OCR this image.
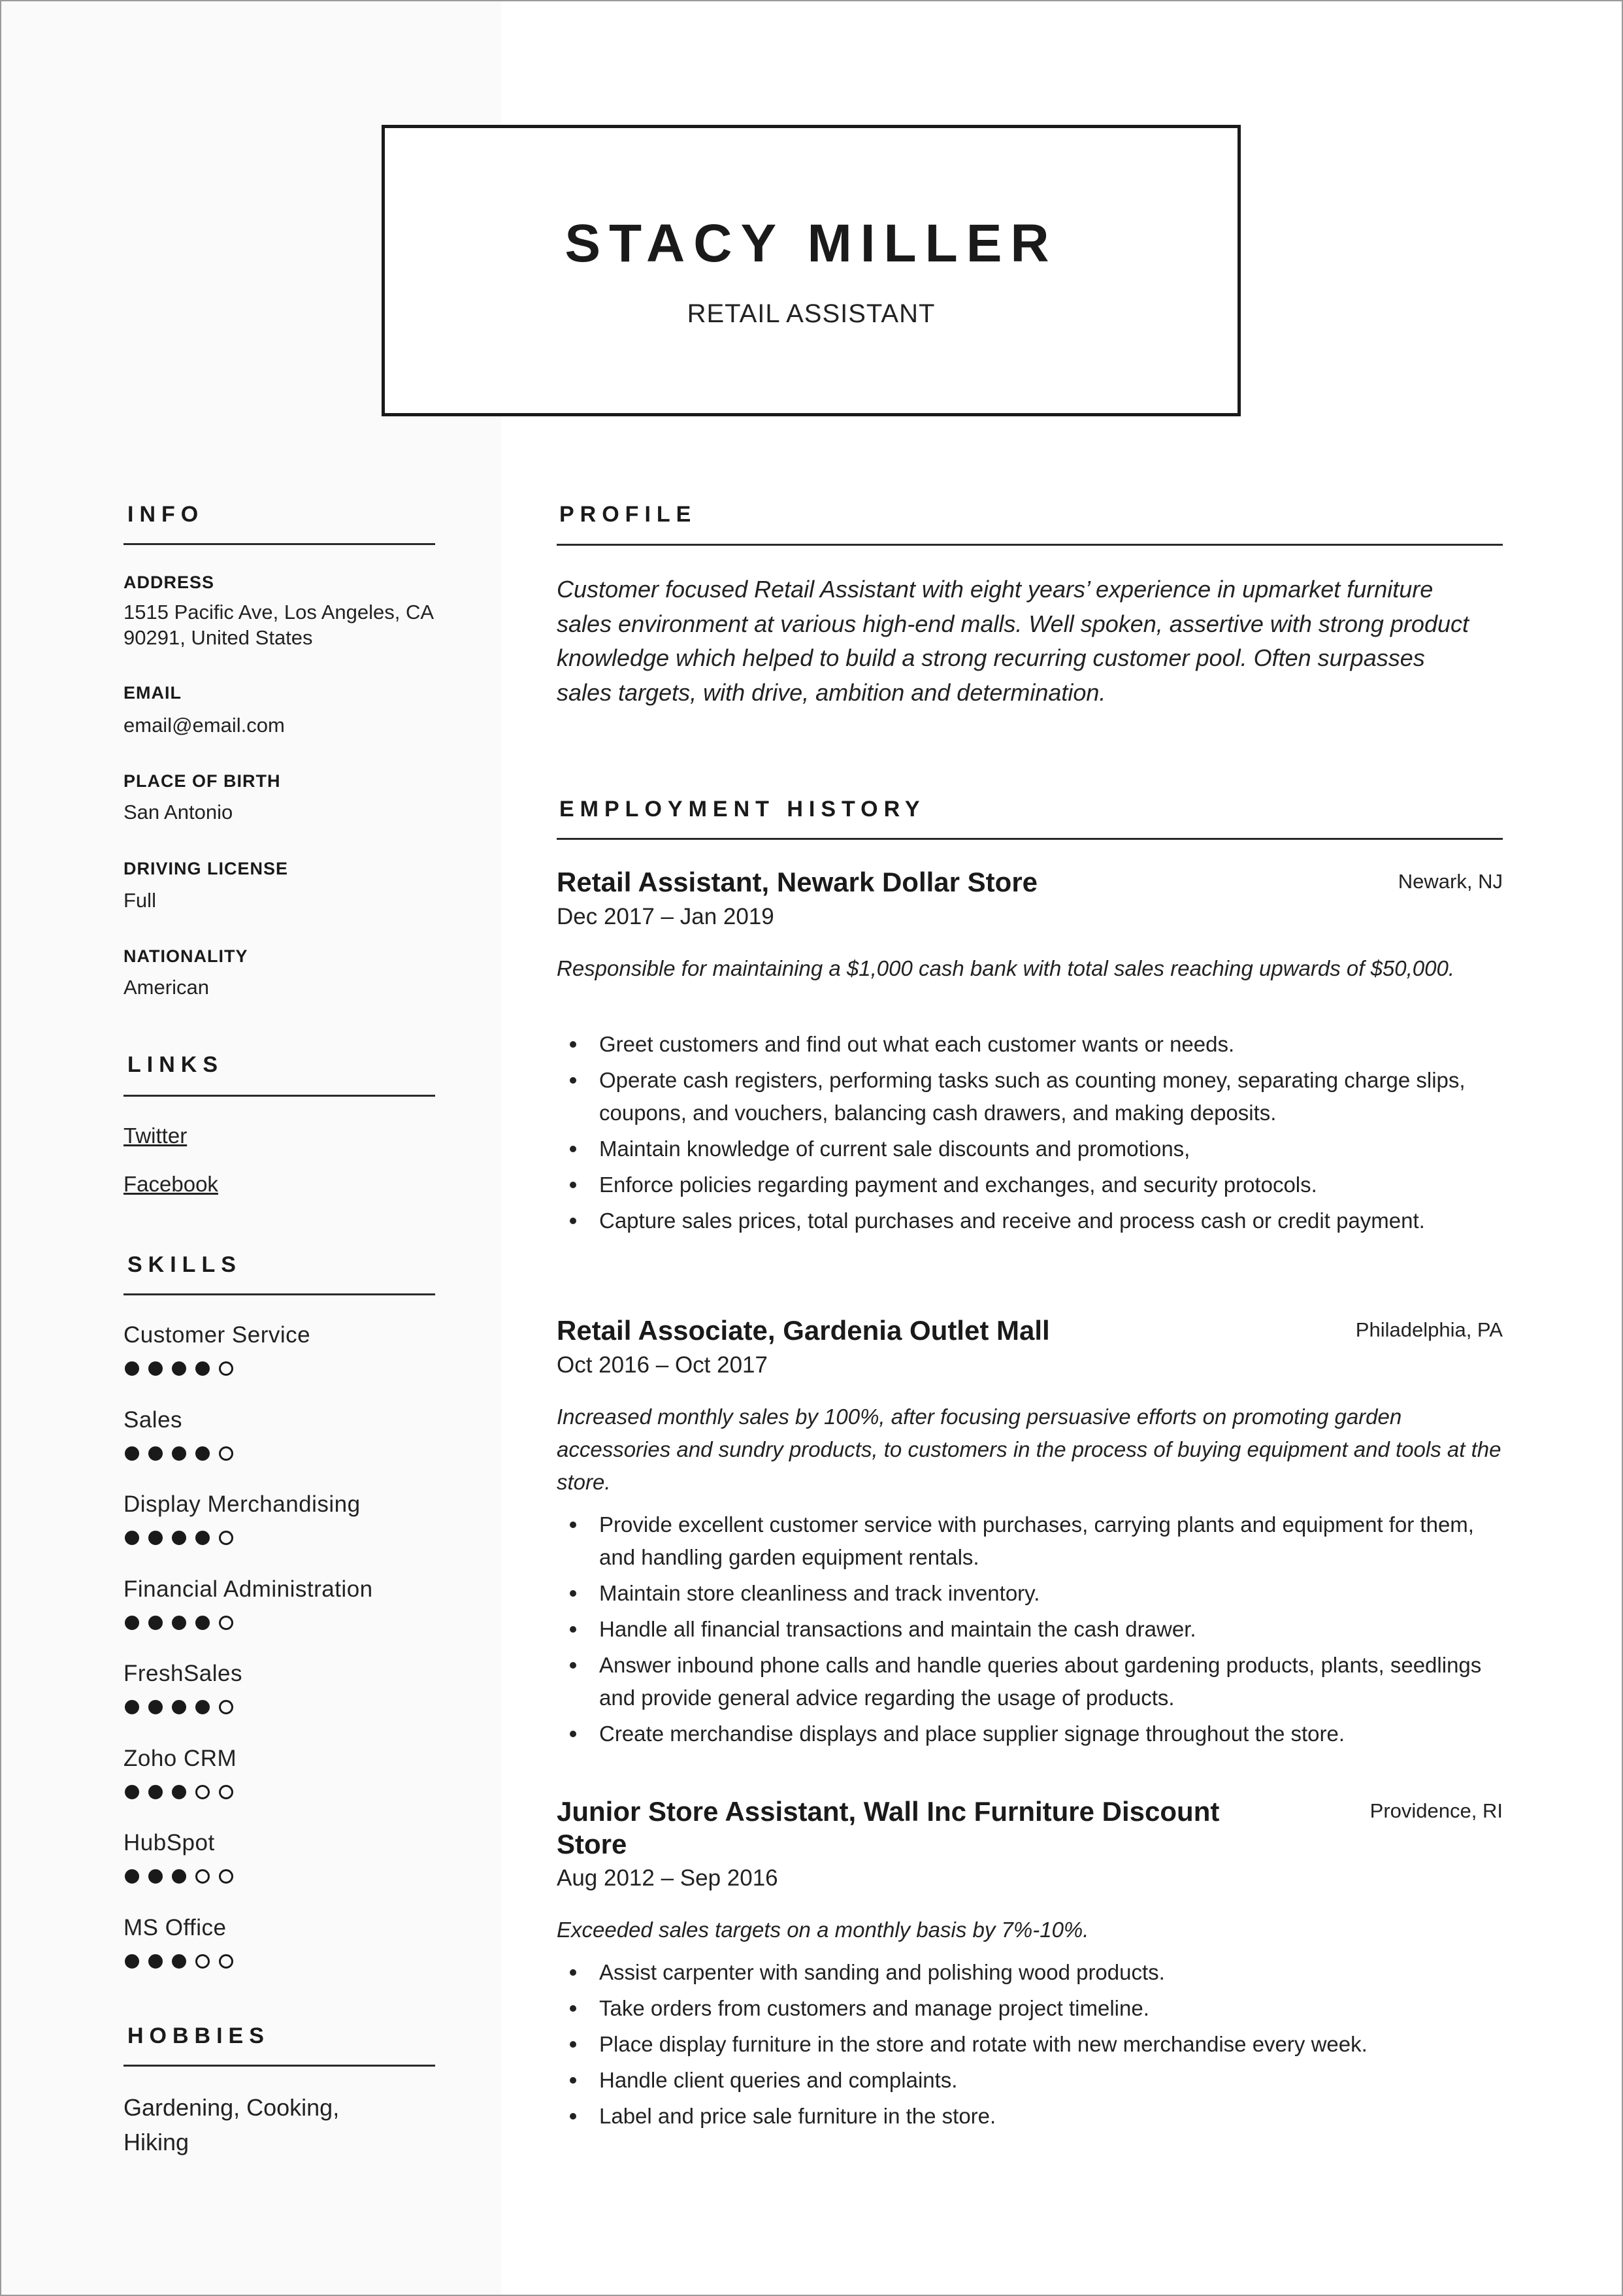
STACY MILLER
RETAIL ASSISTANT
INFO
ADDRESS
1515 Pacific Ave, Los Angeles, CA 90291, United States
EMAIL
email@email.com
PLACE OF BIRTH
San Antonio
DRIVING LICENSE
Full
NATIONALITY
American
LINKS
Twitter
Facebook
SKILLS
Customer Service
Sales
Display Merchandising
Financial Administration
FreshSales
Zoho CRM
HubSpot
MS Office
HOBBIES
Gardening, Cooking, Hiking
PROFILE
Customer focused Retail Assistant with eight years’ experience in upmarket furniture sales environment at various high-end malls. Well spoken, assertive with strong product knowledge which helped to build a strong recurring customer pool. Often surpasses sales targets, with drive, ambition and determination.
EMPLOYMENT HISTORY
Retail Assistant, Newark Dollar Store	Newark, NJ
Dec 2017 – Jan 2019
Responsible for maintaining a $1,000 cash bank with total sales reaching upwards of $50,000.
Greet customers and find out what each customer wants or needs.
Operate cash registers, performing tasks such as counting money, separating charge slips, coupons, and vouchers, balancing cash drawers, and making deposits.
Maintain knowledge of current sale discounts and promotions,
Enforce policies regarding payment and exchanges, and security protocols.
Capture sales prices, total purchases and receive and process cash or credit payment.
Retail Associate, Gardenia Outlet Mall	Philadelphia, PA
Oct 2016 – Oct 2017
Increased monthly sales by 100%, after focusing persuasive efforts on promoting garden accessories and sundry products, to customers in the process of buying equipment and tools at the store.
Provide excellent customer service with purchases, carrying plants and equipment for them, and handling garden equipment rentals.
Maintain store cleanliness and track inventory.
Handle all financial transactions and maintain the cash drawer.
Answer inbound phone calls and handle queries about gardening products, plants, seedlings and provide general advice regarding the usage of products.
Create merchandise displays and place supplier signage throughout the store.
Junior Store Assistant, Wall Inc Furniture Discount Store
Providence, RI
Aug 2012 – Sep 2016
Exceeded sales targets on a monthly basis by 7%-10%.
Assist carpenter with sanding and polishing wood products.
Take orders from customers and manage project timeline.
Place display furniture in the store and rotate with new merchandise every week.
Handle client queries and complaints.
Label and price sale furniture in the store.
